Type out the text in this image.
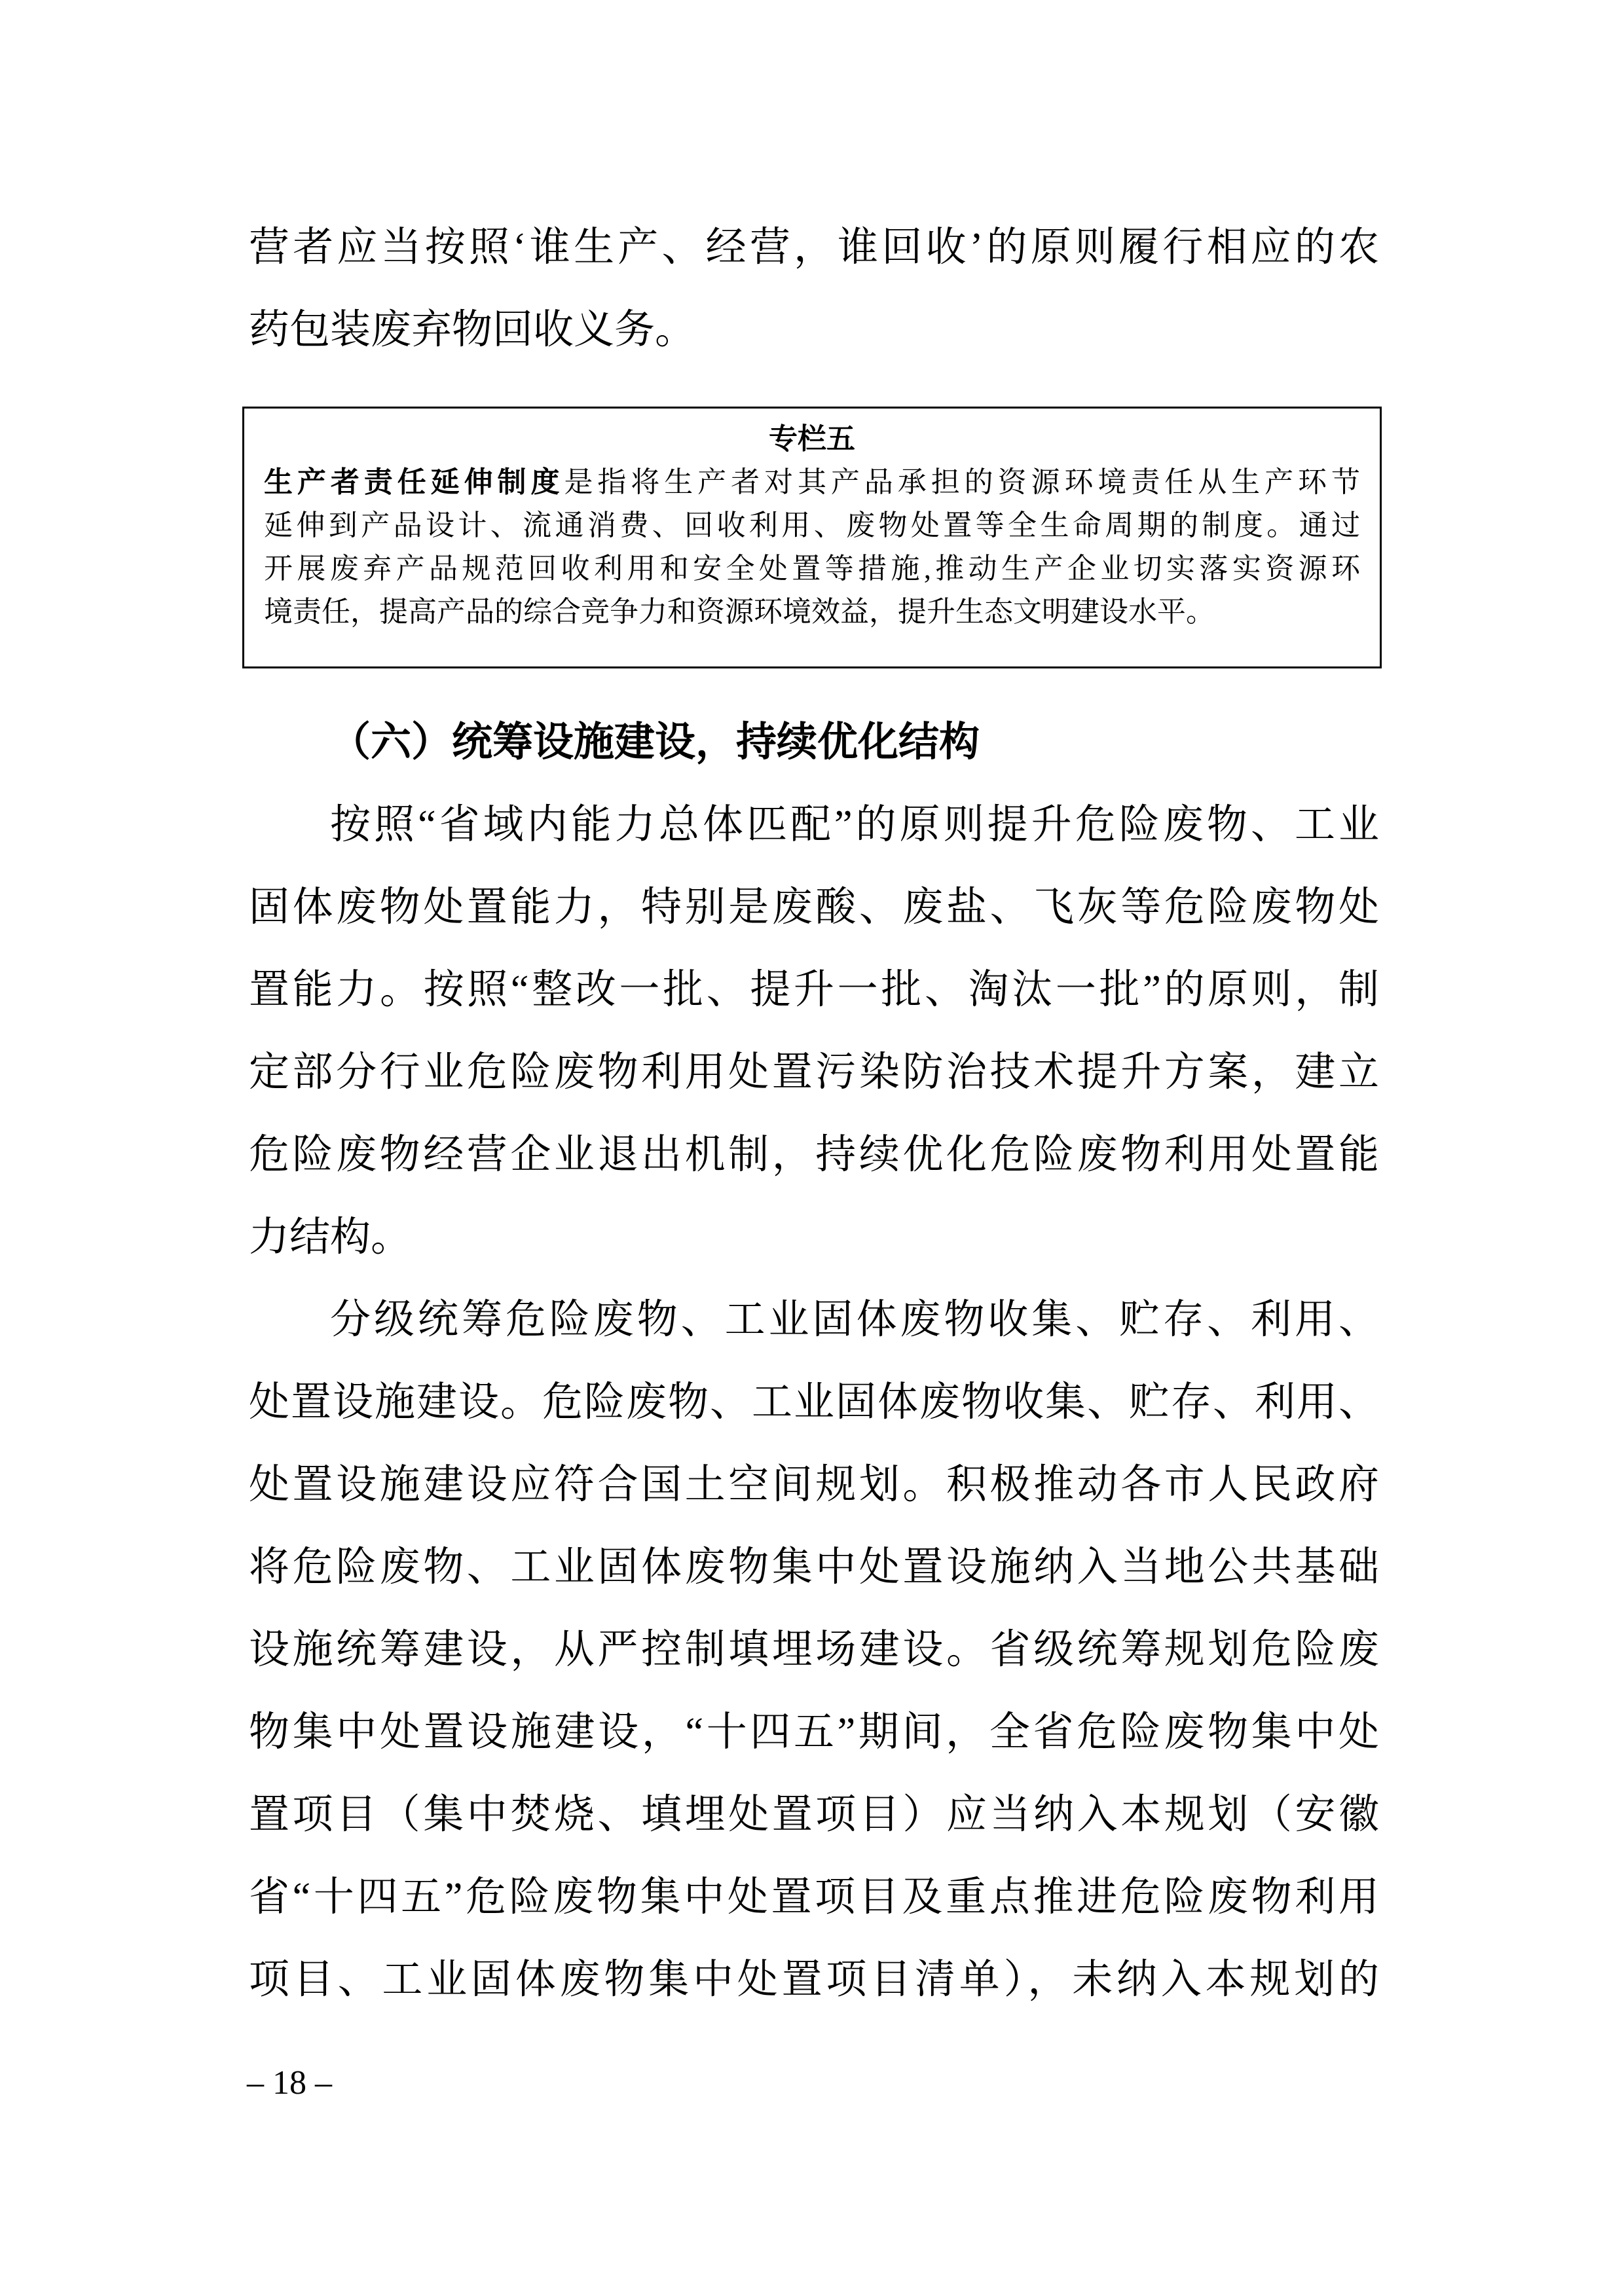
营者应当按照‘谁生产、经营，谁回收’的原则履行相应的农
药包装废弃物回收义务。
专栏五
生产者责任延伸制度是指将生产者对其产品承担的资源环境责任从生产环节
延伸到产品设计、流通消费、回收利用、废物处置等全生命周期的制度。通过
开展废弃产品规范回收利用和安全处置等措施,推动生产企业切实落实资源环
境责任，提高产品的综合竞争力和资源环境效益，提升生态文明建设水平。
（六）统筹设施建设，持续优化结构
按照“省域内能力总体匹配”的原则提升危险废物、工业
固体废物处置能力，特别是废酸、废盐、飞灰等危险废物处
置能力。按照“整改一批、提升一批、淘汰一批”的原则，制
定部分行业危险废物利用处置污染防治技术提升方案，建立
危险废物经营企业退出机制，持续优化危险废物利用处置能
力结构。
分级统筹危险废物、工业固体废物收集、贮存、利用、
处置设施建设。危险废物、工业固体废物收集、贮存、利用、
处置设施建设应符合国土空间规划。积极推动各市人民政府
将危险废物、工业固体废物集中处置设施纳入当地公共基础
设施统筹建设，从严控制填埋场建设。省级统筹规划危险废
物集中处置设施建设，“十四五”期间，全省危险废物集中处
置项目（集中焚烧、填埋处置项目）应当纳入本规划（安徽
省“十四五”危险废物集中处置项目及重点推进危险废物利用
项目、工业固体废物集中处置项目清单），未纳入本规划的
– 18 –
